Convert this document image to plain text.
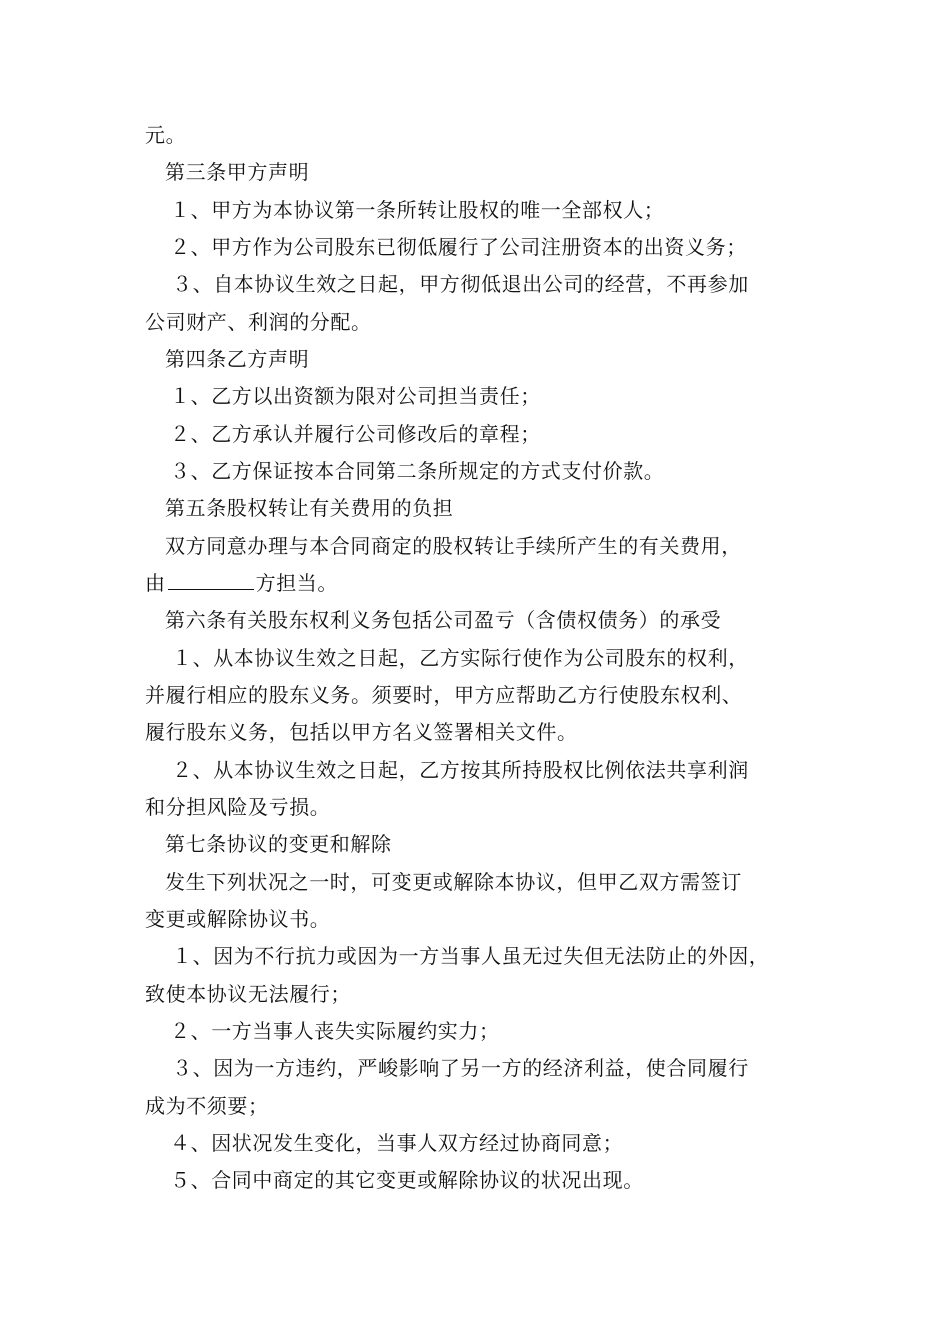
元。
第三条甲方声明
１、甲方为本协议第一条所转让股权的唯一全部权人；
２、甲方作为公司股东已彻低履行了公司注册资本的出资义务；
３、自本协议生效之日起，甲方彻低退出公司的经营，不再参加
公司财产、利润的分配。
第四条乙方声明
１、乙方以出资额为限对公司担当责任；
２、乙方承认并履行公司修改后的章程；
３、乙方保证按本合同第二条所规定的方式支付价款。
第五条股权转让有关费用的负担
双方同意办理与本合同商定的股权转让手续所产生的有关费用，
由	方担当。
第六条有关股东权利义务包括公司盈亏（含债权债务）的承受
１、从本协议生效之日起，乙方实际行使作为公司股东的权利，
并履行相应的股东义务。须要时，甲方应帮助乙方行使股东权利、
履行股东义务，包括以甲方名义签署相关文件。
２、从本协议生效之日起，乙方按其所持股权比例依法共享利润
和分担风险及亏损。
第七条协议的变更和解除
发生下列状况之一时，可变更或解除本协议，但甲乙双方需签订
变更或解除协议书。
１、因为不行抗力或因为一方当事人虽无过失但无法防止的外因，
致使本协议无法履行；
２、一方当事人丧失实际履约实力；
３、因为一方违约，严峻影响了另一方的经济利益，使合同履行
成为不须要；
４、因状况发生变化，当事人双方经过协商同意；
５、合同中商定的其它变更或解除协议的状况出现。
